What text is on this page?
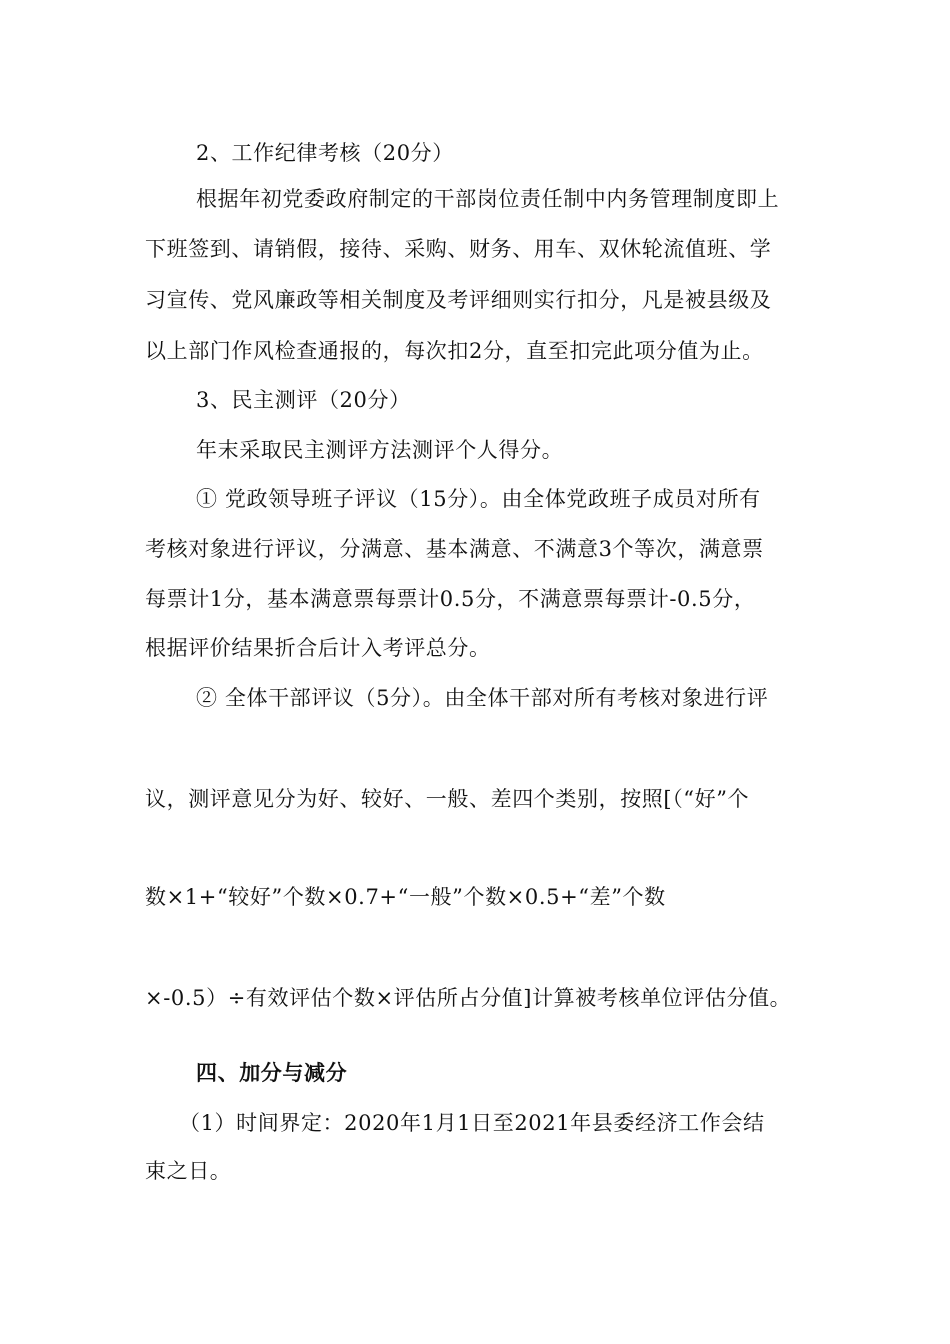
2、工作纪律考核（20分）
根据年初党委政府制定的干部岗位责任制中内务管理制度即上
下班签到、请销假，接待、采购、财务、用车、双休轮流值班、学
习宣传、党风廉政等相关制度及考评细则实行扣分，凡是被县级及
以上部门作风检查通报的，每次扣2分，直至扣完此项分值为止。
3、民主测评（20分）
年末采取民主测评方法测评个人得分。
① 党政领导班子评议（15分）。由全体党政班子成员对所有
考核对象进行评议，分满意、基本满意、不满意3个等次，满意票
每票计1分，基本满意票每票计0.5分，不满意票每票计-0.5分，
根据评价结果折合后计入考评总分。
② 全体干部评议（5分）。由全体干部对所有考核对象进行评
议，测评意见分为好、较好、一般、差四个类别，按照[（“好”个
数×1+“较好”个数×0.7+“一般”个数×0.5+“差”个数
×-0.5）÷有效评估个数×评估所占分值]计算被考核单位评估分值。
四、加分与减分
（1）时间界定：2020年1月1日至2021年县委经济工作会结
束之日。
